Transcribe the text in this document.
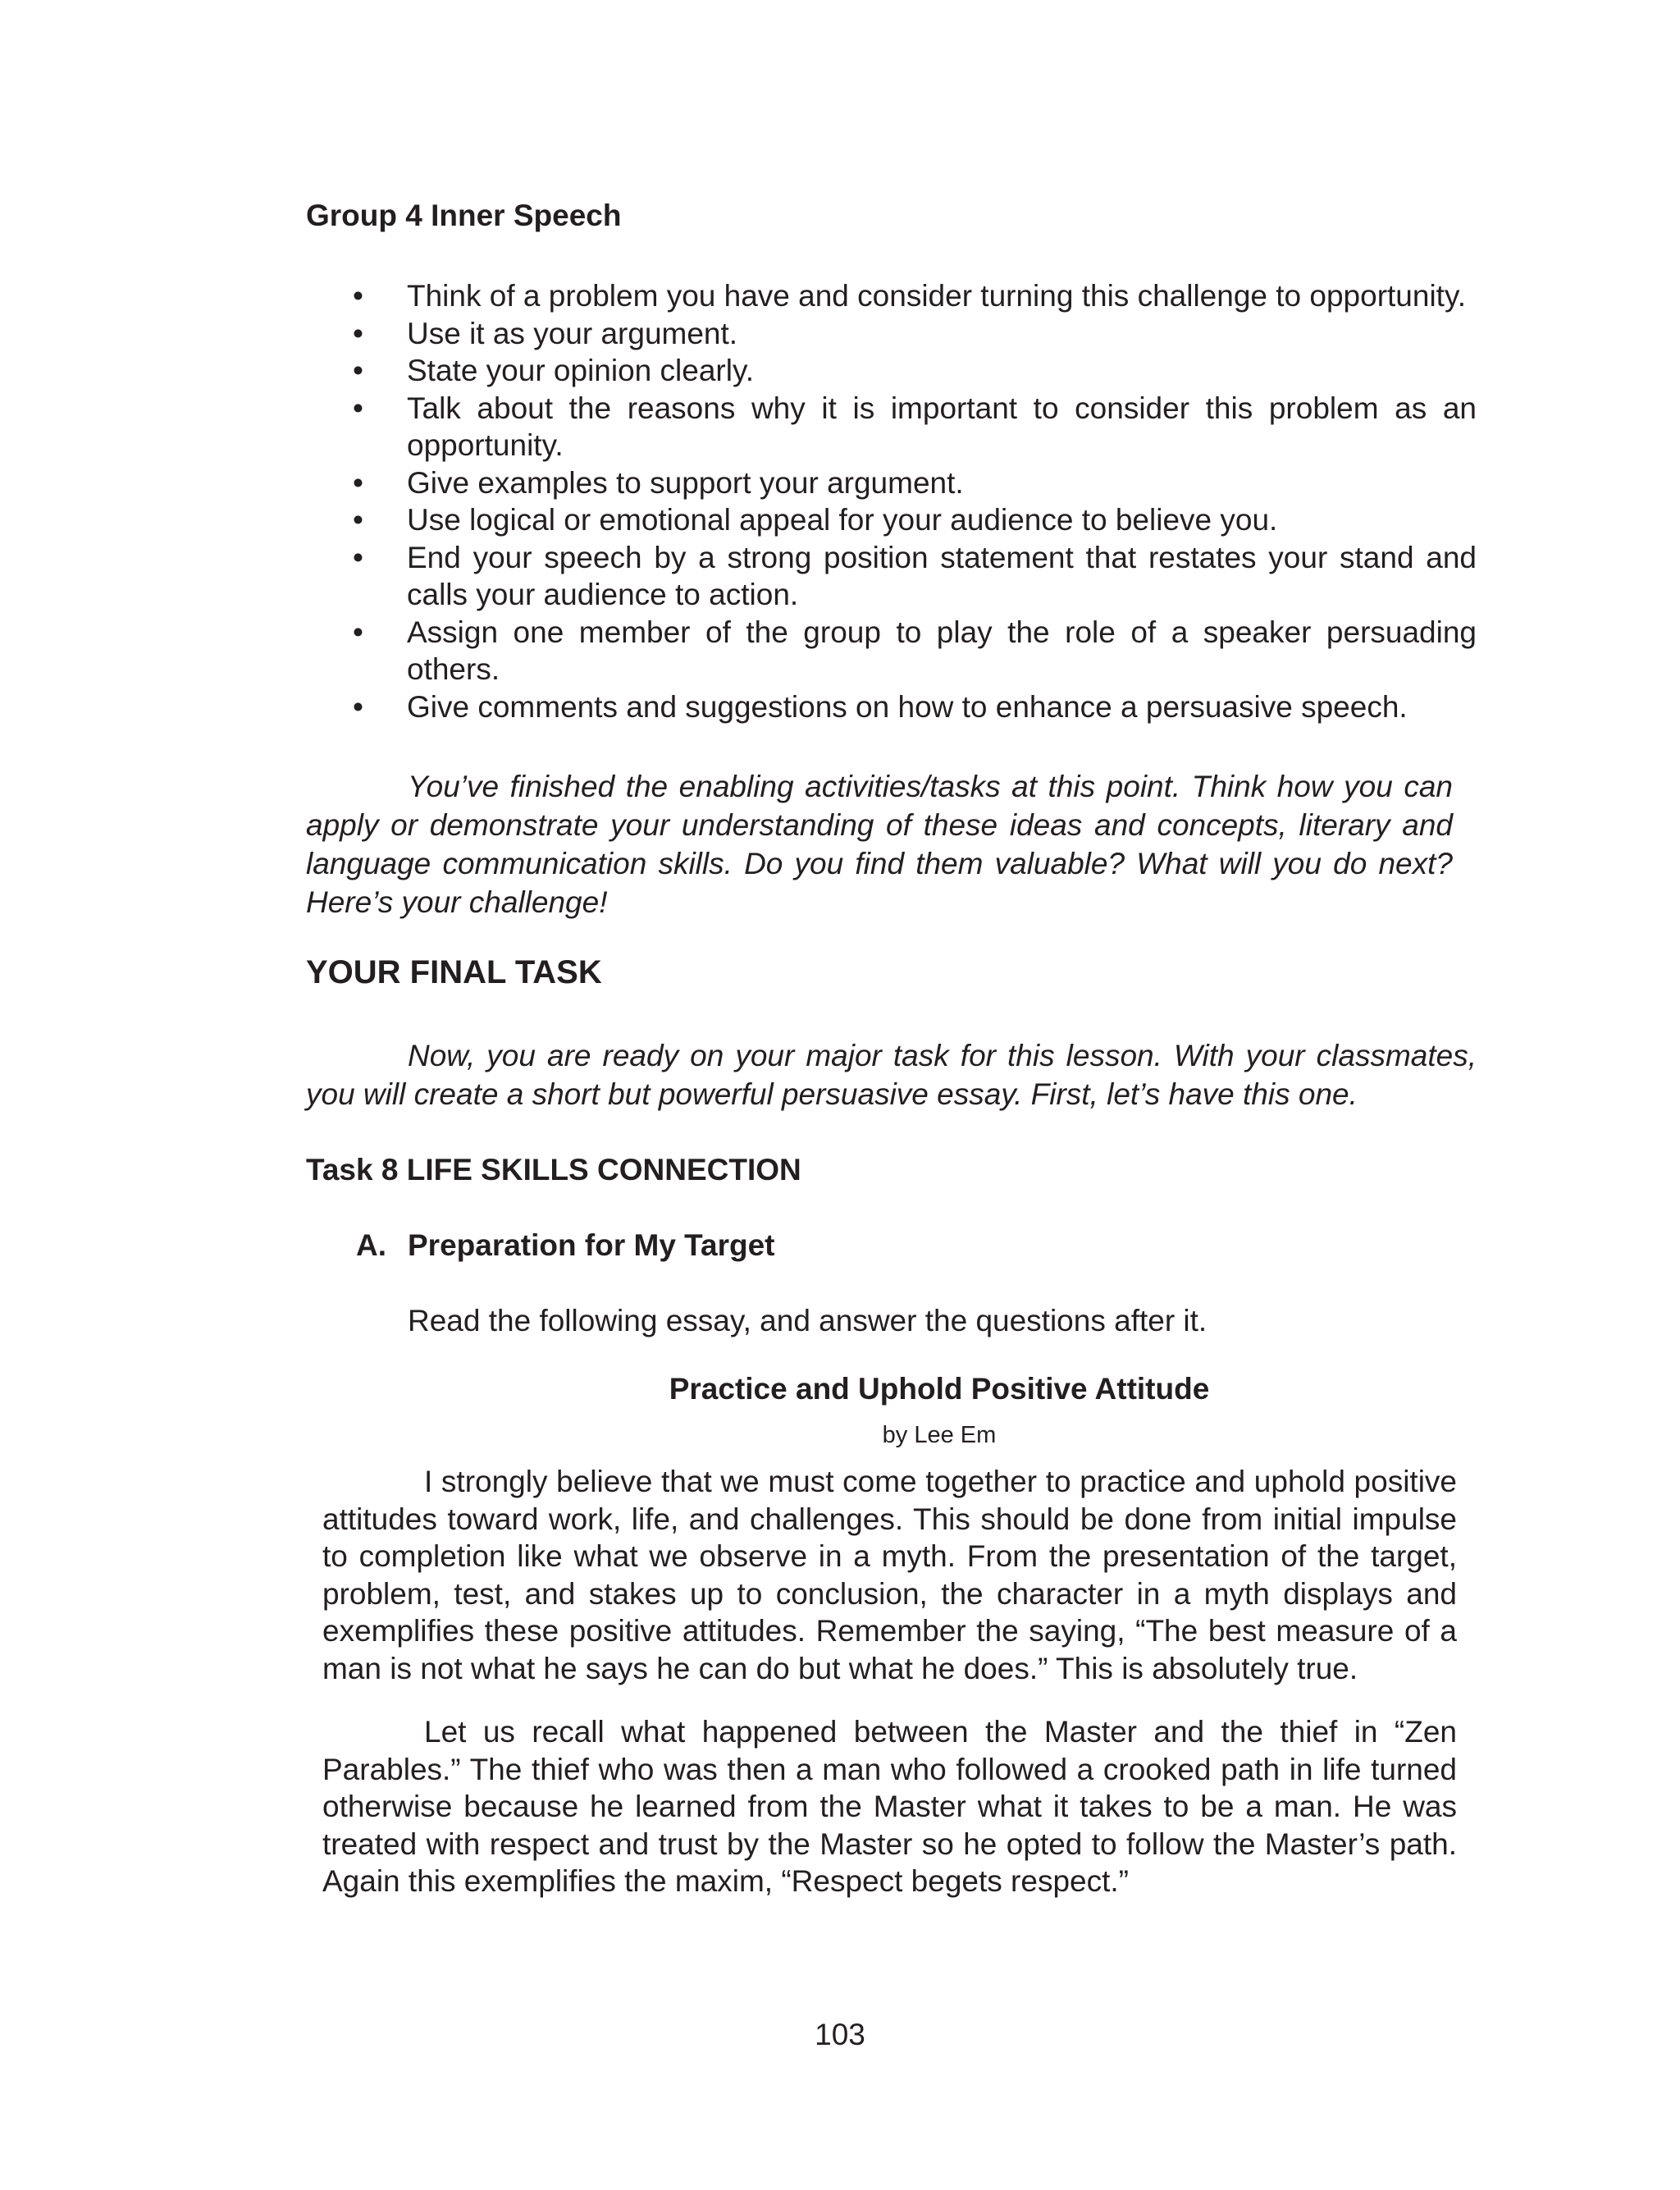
Group 4 Inner Speech
• Think of a problem you have and consider turning this challenge to opportunity.
• Use it as your argument.
• State your opinion clearly.
• Talk about the reasons why it is important to consider this problem as an opportunity.
• Give examples to support your argument.
• Use logical or emotional appeal for your audience to believe you.
• End your speech by a strong position statement that restates your stand and calls your audience to action.
• Assign one member of the group to play the role of a speaker persuading others.
• Give comments and suggestions on how to enhance a persuasive speech.

You’ve finished the enabling activities/tasks at this point. Think how you can apply or demonstrate your understanding of these ideas and concepts, literary and language communication skills. Do you find them valuable? What will you do next? Here’s your challenge!

YOUR FINAL TASK

Now, you are ready on your major task for this lesson. With your classmates, you will create a short but powerful persuasive essay. First, let’s have this one.

Task 8 LIFE SKILLS CONNECTION
A. Preparation for My Target
Read the following essay, and answer the questions after it.
Practice and Uphold Positive Attitude
by Lee Em

I strongly believe that we must come together to practice and uphold positive attitudes toward work, life, and challenges. This should be done from initial impulse to completion like what we observe in a myth. From the presentation of the target, problem, test, and stakes up to conclusion, the character in a myth displays and exemplifies these positive attitudes. Remember the saying, “The best measure of a man is not what he says he can do but what he does.” This is absolutely true.

Let us recall what happened between the Master and the thief in “Zen Parables.” The thief who was then a man who followed a crooked path in life turned otherwise because he learned from the Master what it takes to be a man. He was treated with respect and trust by the Master so he opted to follow the Master’s path. Again this exemplifies the maxim, “Respect begets respect.”

103
